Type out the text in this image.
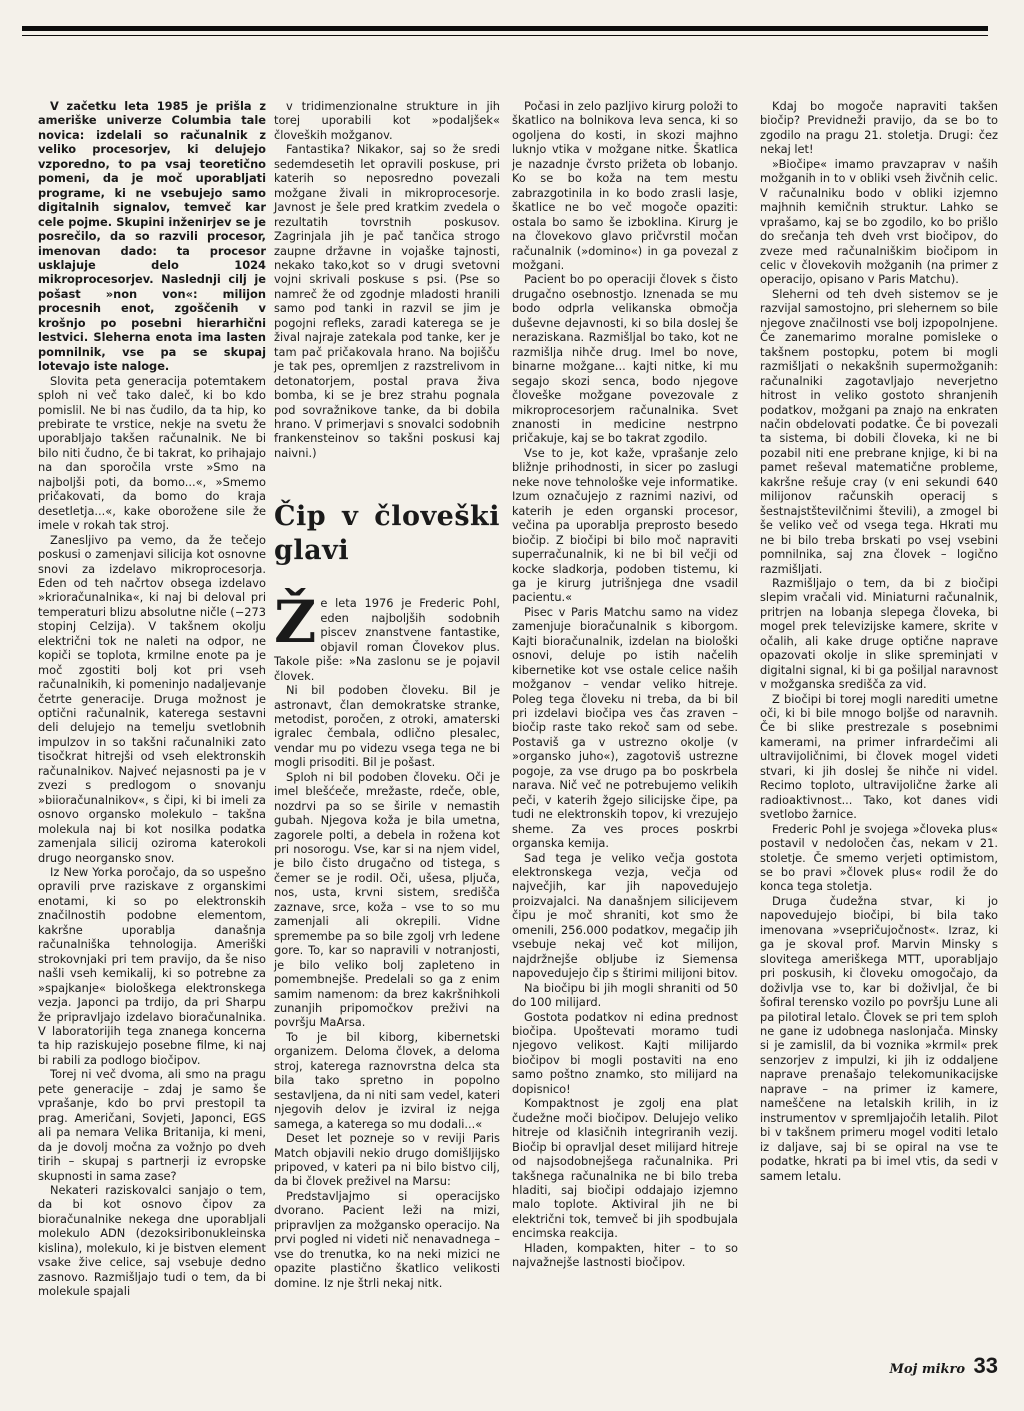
V začetku leta 1985 je prišla z ameriške univerze Columbia tale novica: izdelali so računalnik z veliko procesorjev, ki delujejo vzporedno, to pa vsaj teoretično pomeni, da je moč uporabljati programe, ki ne vsebujejo samo digitalnih signalov, temveč kar cele pojme. Skupini inženirjev se je posrečilo, da so razvili procesor, imenovan dado: ta procesor usklajuje delo 1024 mikroprocesorjev. Naslednji cilj je pošast »non von«: milijon procesnih enot, zgoščenih v krošnjo po posebni hierarhični lestvici. Sleherna enota ima lasten pomnilnik, vse pa se skupaj lotevajo iste naloge.

Slovita peta generacija potemtakem sploh ni več tako daleč, ki bo kdo pomislil. Ne bi nas čudilo, da ta hip, ko prebirate te vrstice, nekje na svetu že uporabljajo takšen računalnik. Ne bi bilo niti čudno, če bi takrat, ko prihajajo na dan sporočila vrste »Smo na najboljši poti, da bomo...«, »Smemo pričakovati, da bomo do kraja desetletja...«, kake oborožene sile že imele v rokah tak stroj.

Zanesljivo pa vemo, da že tečejo poskusi o zamenjavi silicija kot osnovne snovi za izdelavo mikroprocesorja. Eden od teh načrtov obsega izdelavo »krioračunalnika«, ki naj bi deloval pri temperaturi blizu absolutne ničle (−273 stopinj Celzija). V takšnem okolju električni tok ne naleti na odpor, ne kopiči se toplota, krmilne enote pa je moč zgostiti bolj kot pri vseh računalnikih, ki pomeninjo nadaljevanje četrte generacije. Druga možnost je optični računalnik, katerega sestavni deli delujejo na temelju svetlobnih impulzov in so takšni računalniki zato tisočkrat hitrejši od vseh elektronskih računalnikov. Najveć nejasnosti pa je v zvezi s predlogom o snovanju »biioračunalnikov«, s čipi, ki bi imeli za osnovo organsko molekulo – takšna molekula naj bi kot nosilka podatka zamenjala silicij oziroma katerokoli drugo neorgansko snov.

Iz New Yorka poročajo, da so uspešno opravili prve raziskave z organskimi enotami, ki so po elektronskih značilnostih podobne elementom, kakršne uporablja današnja računalniška tehnologija. Ameriški strokovnjaki pri tem pravijo, da še niso našli vseh kemikalij, ki so potrebne za »spajkanje« biološkega elektronskega vezja. Japonci pa trdijo, da pri Sharpu že pripravljajo izdelavo bioračunalnika. V laboratorijih tega znanega koncerna ta hip raziskujejo posebne filme, ki naj bi rabili za podlogo biočipov.

Torej ni več dvoma, ali smo na pragu pete generacije – zdaj je samo še vprašanje, kdo bo prvi prestopil ta prag. Američani, Sovjeti, Japonci, EGS ali pa nemara Velika Britanija, ki meni, da je dovolj močna za vožnjo po dveh tirih – skupaj s partnerji iz evropske skupnosti in sama zase?

Nekateri raziskovalci sanjajo o tem, da bi kot osnovo čipov za bioračunalnike nekega dne uporabljali molekulo ADN (dezoksiribonukleinska kislina), molekulo, ki je bistven element vsake žive celice, saj vsebuje dedno zasnovo. Razmišljajo tudi o tem, da bi molekule spajali

v tridimenzionalne strukture in jih torej uporabili kot »podaljšek« človeških možganov.

Fantastika? Nikakor, saj so že sredi sedemdesetih let opravili poskuse, pri katerih so neposredno povezali možgane živali in mikroprocesorje. Javnost je šele pred kratkim zvedela o rezultatih tovrstnih poskusov. Zagrinjala jih je pač tančica strogo zaupne državne in vojaške tajnosti, nekako tako,kot so v drugi svetovni vojni skrivali poskuse s psi. (Pse so namreč že od zgodnje mladosti hranili samo pod tanki in razvil se jim je pogojni refleks, zaradi katerega se je žival najraje zatekala pod tanke, ker je tam pač pričakovala hrano. Na bojišču je tak pes, opremljen z razstrelivom in detonatorjem, postal prava živa bomba, ki se je brez strahu pognala pod sovražnikove tanke, da bi dobila hrano. V primerjavi s snovalci sodobnih frankensteinov so takšni poskusi kaj naivni.)

Čip v človeški glavi
Ž e leta 1976 je Frederic Pohl, eden najboljših sodobnih piscev znanstvene fantastike, objavil roman Človekov plus. Takole piše: »Na zaslonu se je pojavil človek.

Ni bil podoben človeku. Bil je astronavt, član demokratske stranke, metodist, poročen, z otroki, amaterski igralec čembala, odlično plesalec, vendar mu po videzu vsega tega ne bi mogli prisoditi. Bil je pošast.

Sploh ni bil podoben človeku. Oči je imel blešćeče, mrežaste, rdeče, oble, nozdrvi pa so se širile v nemastih gubah. Njegova koža je bila umetna, zagorele polti, a debela in rožena kot pri nosorogu. Vse, kar si na njem videl, je bilo čisto drugačno od tistega, s čemer se je rodil. Oči, ušesa, pljuča, nos, usta, krvni sistem, središča zaznave, srce, koža – vse to so mu zamenjali ali okrepili. Vidne spremembe pa so bile zgolj vrh ledene gore. To, kar so napravili v notranjosti, je bilo veliko bolj zapleteno in pomembnejše. Predelali so ga z enim samim namenom: da brez kakršnihkoli zunanjih pripomočkov preživi na površju MaArsa.

To je bil kiborg, kibernetski organizem. Deloma človek, a deloma stroj, katerega raznovrstna delca sta bila tako spretno in popolno sestavljena, da ni niti sam vedel, kateri njegovih delov je izviral iz nejga samega, a katerega so mu dodali...«

Deset let pozneje so v reviji Paris Match objavili nekio drugo domišljijsko pripoved, v kateri pa ni bilo bistvo cilj, da bi človek preživel na Marsu:

Predstavljajmo si operacijsko dvorano. Pacient leži na mizi, pripravljen za možgansko operacijo. Na prvi pogled ni videti nič nenavadnega – vse do trenutka, ko na neki mizici ne opazite plastično škatlico velikosti domine. Iz nje štrli nekaj nitk.

Počasi in zelo pazljivo kirurg položi to škatlico na bolnikova leva senca, ki so ogoljena do kosti, in skozi majhno luknjo vtika v možgane nitke. Škatlica je nazadnje čvrsto prižeta ob lobanjo. Ko se bo koža na tem mestu zabrazgotinila in ko bodo zrasli lasje, škatlice ne bo več mogoče opaziti: ostala bo samo še izboklina. Kirurg je na človekovo glavo pričvrstil močan računalnik (»domino«) in ga povezal z možgani.

Pacient bo po operaciji človek s čisto drugačno osebnostjo. Iznenada se mu bodo odprla velikanska območja duševne dejavnosti, ki so bila doslej še neraziskana. Razmišljal bo tako, kot ne razmišlja nihče drug. Imel bo nove, binarne možgane... kajti nitke, ki mu segajo skozi senca, bodo njegove človeške možgane povezovale z mikroprocesorjem računalnika. Svet znanosti in medicine nestrpno pričakuje, kaj se bo takrat zgodilo.

Vse to je, kot kaže, vprašanje zelo bližnje prihodnosti, in sicer po zaslugi neke nove tehnološke veje informatike. Izum označujejo z raznimi nazivi, od katerih je eden organski procesor, večina pa uporablja preprosto besedo biočip. Z biočipi bi bilo moč napraviti superračunalnik, ki ne bi bil večji od kocke sladkorja, podoben tistemu, ki ga je kirurg jutrišnjega dne vsadil pacientu.«

Pisec v Paris Matchu samo na videz zamenjuje bioračunalnik s kiborgom. Kajti bioračunalnik, izdelan na biološki osnovi, deluje po istih načelih kibernetike kot vse ostale celice naših možganov – vendar veliko hitreje. Poleg tega človeku ni treba, da bi bil pri izdelavi biočipa ves čas zraven – biočip raste tako rekoč sam od sebe. Postaviš ga v ustrezno okolje (v »organsko juho«), zagotoviš ustrezne pogoje, za vse drugo pa bo poskrbela narava. Nič več ne potrebujemo velikih peči, v katerih žgejo silicijske čipe, pa tudi ne elektronskih topov, ki vrezujejo sheme. Za ves proces poskrbi organska kemija.

Sad tega je veliko večja gostota elektronskega vezja, večja od največjih, kar jih napovedujejo proizvajalci. Na današnjem silicijevem čipu je moč shraniti, kot smo že omenili, 256.000 podatkov, megačip jih vsebuje nekaj več kot milijon, najdržnejše obljube iz Siemensa napovedujejo čip s štirimi milijoni bitov.

Na biočipu bi jih mogli shraniti od 50 do 100 milijard.

Gostota podatkov ni edina prednost biočipa. Upoštevati moramo tudi njegovo velikost. Kajti milijardo biočipov bi mogli postaviti na eno samo poštno znamko, sto milijard na dopisnico!

Kompaktnost je zgolj ena plat čudežne moči biočipov. Delujejo veliko hitreje od klasičnih integriranih vezij. Biočip bi opravljal deset milijard hitreje od najsodobnejšega računalnika. Pri takšnega računalnika ne bi bilo treba hladiti, saj biočipi oddajajo izjemno malo toplote. Aktiviral jih ne bi električni tok, temveč bi jih spodbujala encimska reakcija.

Hladen, kompakten, hiter – to so najvažnejše lastnosti biočipov.

Kdaj bo mogoče napraviti takšen biočip? Previdneži pravijo, da se bo to zgodilo na pragu 21. stoletja. Drugi: čez nekaj let!

»Biočipe« imamo pravzaprav v naših možganih in to v obliki vseh živčnih celic. V računalniku bodo v obliki izjemno majhnih kemičnih struktur. Lahko se vprašamo, kaj se bo zgodilo, ko bo prišlo do srečanja teh dveh vrst biočipov, do zveze med računalniškim biočipom in celic v človekovih možganih (na primer z operacijo, opisano v Paris Matchu).

Sleherni od teh dveh sistemov se je razvijal samostojno, pri slehernem so bile njegove značilnosti vse bolj izpopolnjene. Če zanemarimo moralne pomisleke o takšnem postopku, potem bi mogli razmišljati o nekakšnih supermožganih: računalniki zagotavljajo neverjetno hitrost in veliko gostoto shranjenih podatkov, možgani pa znajo na enkraten način obdelovati podatke. Če bi povezali ta sistema, bi dobili človeka, ki ne bi pozabil niti ene prebrane knjige, ki bi na pamet reševal matematične probleme, kakršne rešuje cray (v eni sekundi 640 milijonov računskih operacij s šestnajstštevilčnimi števili), a zmogel bi še veliko več od vsega tega. Hkrati mu ne bi bilo treba brskati po vsej vsebini pomnilnika, saj zna človek – logično razmišljati.

Razmišljajo o tem, da bi z biočipi slepim vračali vid. Miniaturni računalnik, pritrjen na lobanja slepega človeka, bi mogel prek televizijske kamere, skrite v očalih, ali kake druge optične naprave opazovati okolje in slike spreminjati v digitalni signal, ki bi ga pošiljal naravnost v možganska središča za vid.

Z biočipi bi torej mogli narediti umetne oči, ki bi bile mnogo boljše od naravnih. Če bi slike prestrezale s posebnimi kamerami, na primer infrardečimi ali ultravijoličnimi, bi človek mogel videti stvari, ki jih doslej še nihče ni videl. Recimo toploto, ultravijolične žarke ali radioaktivnost... Tako, kot danes vidi svetlobo žarnice.

Frederic Pohl je svojega »človeka plus« postavil v nedoločen čas, nekam v 21. stoletje. Če smemo verjeti optimistom, se bo pravi »človek plus« rodil že do konca tega stoletja.

Druga čudežna stvar, ki jo napovedujejo biočipi, bi bila tako imenovana »vsepričujočnost«. Izraz, ki ga je skoval prof. Marvin Minsky s slovitega ameriškega MTT, uporabljajo pri poskusih, ki človeku omogočajo, da doživlja vse to, kar bi doživljal, če bi šofiral terensko vozilo po površju Lune ali pa pilotiral letalo. Človek se pri tem sploh ne gane iz udobnega naslonjača. Minsky si je zamislil, da bi voznika »krmil« prek senzorjev z impulzi, ki jih iz oddaljene naprave prenašajo telekomunikacijske naprave – na primer iz kamere, nameščene na letalskih krilih, in iz instrumentov v spremljajočih letalih. Pilot bi v takšnem primeru mogel voditi letalo iz daljave, saj bi se opiral na vse te podatke, hkrati pa bi imel vtis, da sedi v samem letalu.

Moj mikro 33
